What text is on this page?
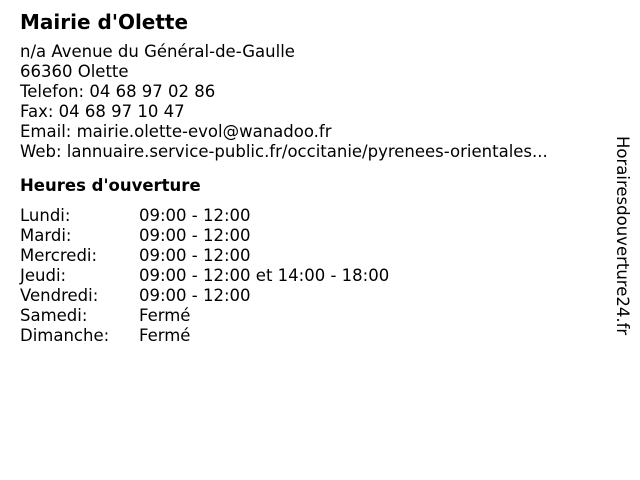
Mairie d'Olette
n/a Avenue du Général-de-Gaulle
66360 Olette
Telefon: 04 68 97 02 86
Fax: 04 68 97 10 47
Email: mairie.olette-evol@wanadoo.fr
Web: lannuaire.service-public.fr/occitanie/pyrenees-orientales...
Heures d'ouverture
Lundi:	09:00 - 12:00
Mardi:	09:00 - 12:00
Mercredi:	09:00 - 12:00
Jeudi:	09:00 - 12:00 et 14:00 - 18:00
Vendredi:	09:00 - 12:00
Samedi:	Fermé
Dimanche:	Fermé
Horairesdouverture24.fr
